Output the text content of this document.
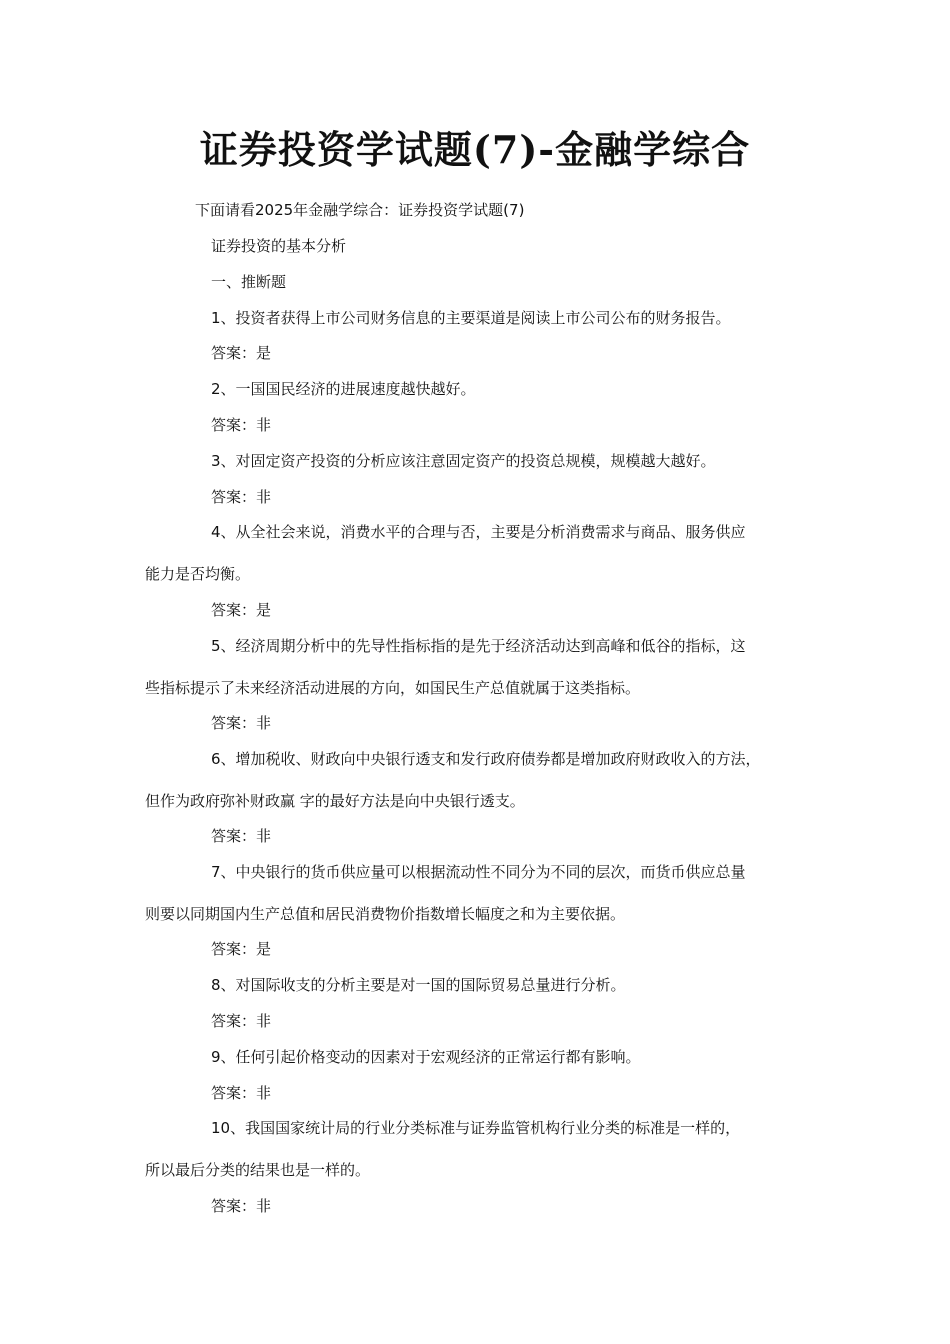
证券投资学试题(7)-金融学综合
下面请看2025年金融学综合：证券投资学试题(7)
证券投资的基本分析
一、推断题
1、投资者获得上市公司财务信息的主要渠道是阅读上市公司公布的财务报告。
答案：是
2、一国国民经济的进展速度越快越好。
答案：非
3、对固定资产投资的分析应该注意固定资产的投资总规模，规模越大越好。
答案：非
4、从全社会来说，消费水平的合理与否，主要是分析消费需求与商品、服务供应
能力是否均衡。
答案：是
5、经济周期分析中的先导性指标指的是先于经济活动达到高峰和低谷的指标，这
些指标提示了未来经济活动进展的方向，如国民生产总值就属于这类指标。
答案：非
6、增加税收、财政向中央银行透支和发行政府债券都是增加政府财政收入的方法，
但作为政府弥补财政赢 字的最好方法是向中央银行透支。
答案：非
7、中央银行的货币供应量可以根据流动性不同分为不同的层次，而货币供应总量
则要以同期国内生产总值和居民消费物价指数增长幅度之和为主要依据。
答案：是
8、对国际收支的分析主要是对一国的国际贸易总量进行分析。
答案：非
9、任何引起价格变动的因素对于宏观经济的正常运行都有影响。
答案：非
10、我国国家统计局的行业分类标准与证券监管机构行业分类的标准是一样的，
所以最后分类的结果也是一样的。
答案：非
